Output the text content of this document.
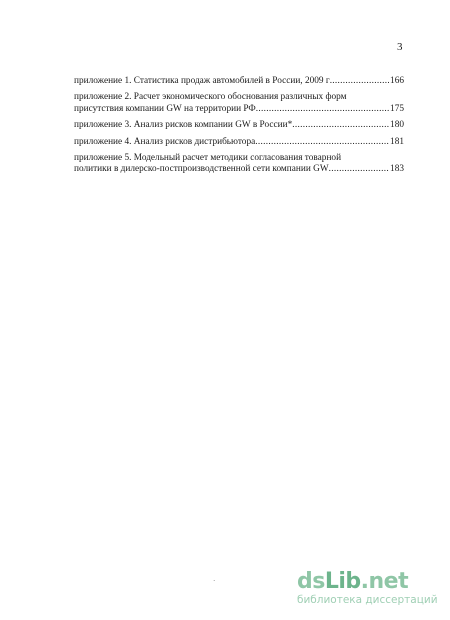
3
приложение 1. Статистика продаж автомобилей в России, 2009 г .....	166
приложение 2. Расчет экономического обоснования различных форм
присутствия компании GW на территории РФ .....	175
приложение 3. Анализ рисков компании GW в России* .....	180
приложение 4. Анализ рисков дистрибьютора .....	181
приложение 5. Модельный расчет методики согласования товарной
политики в дилерско-постпроизводственной сети компании GW .....	183
·	dsLib.net
библиотека диссертаций
